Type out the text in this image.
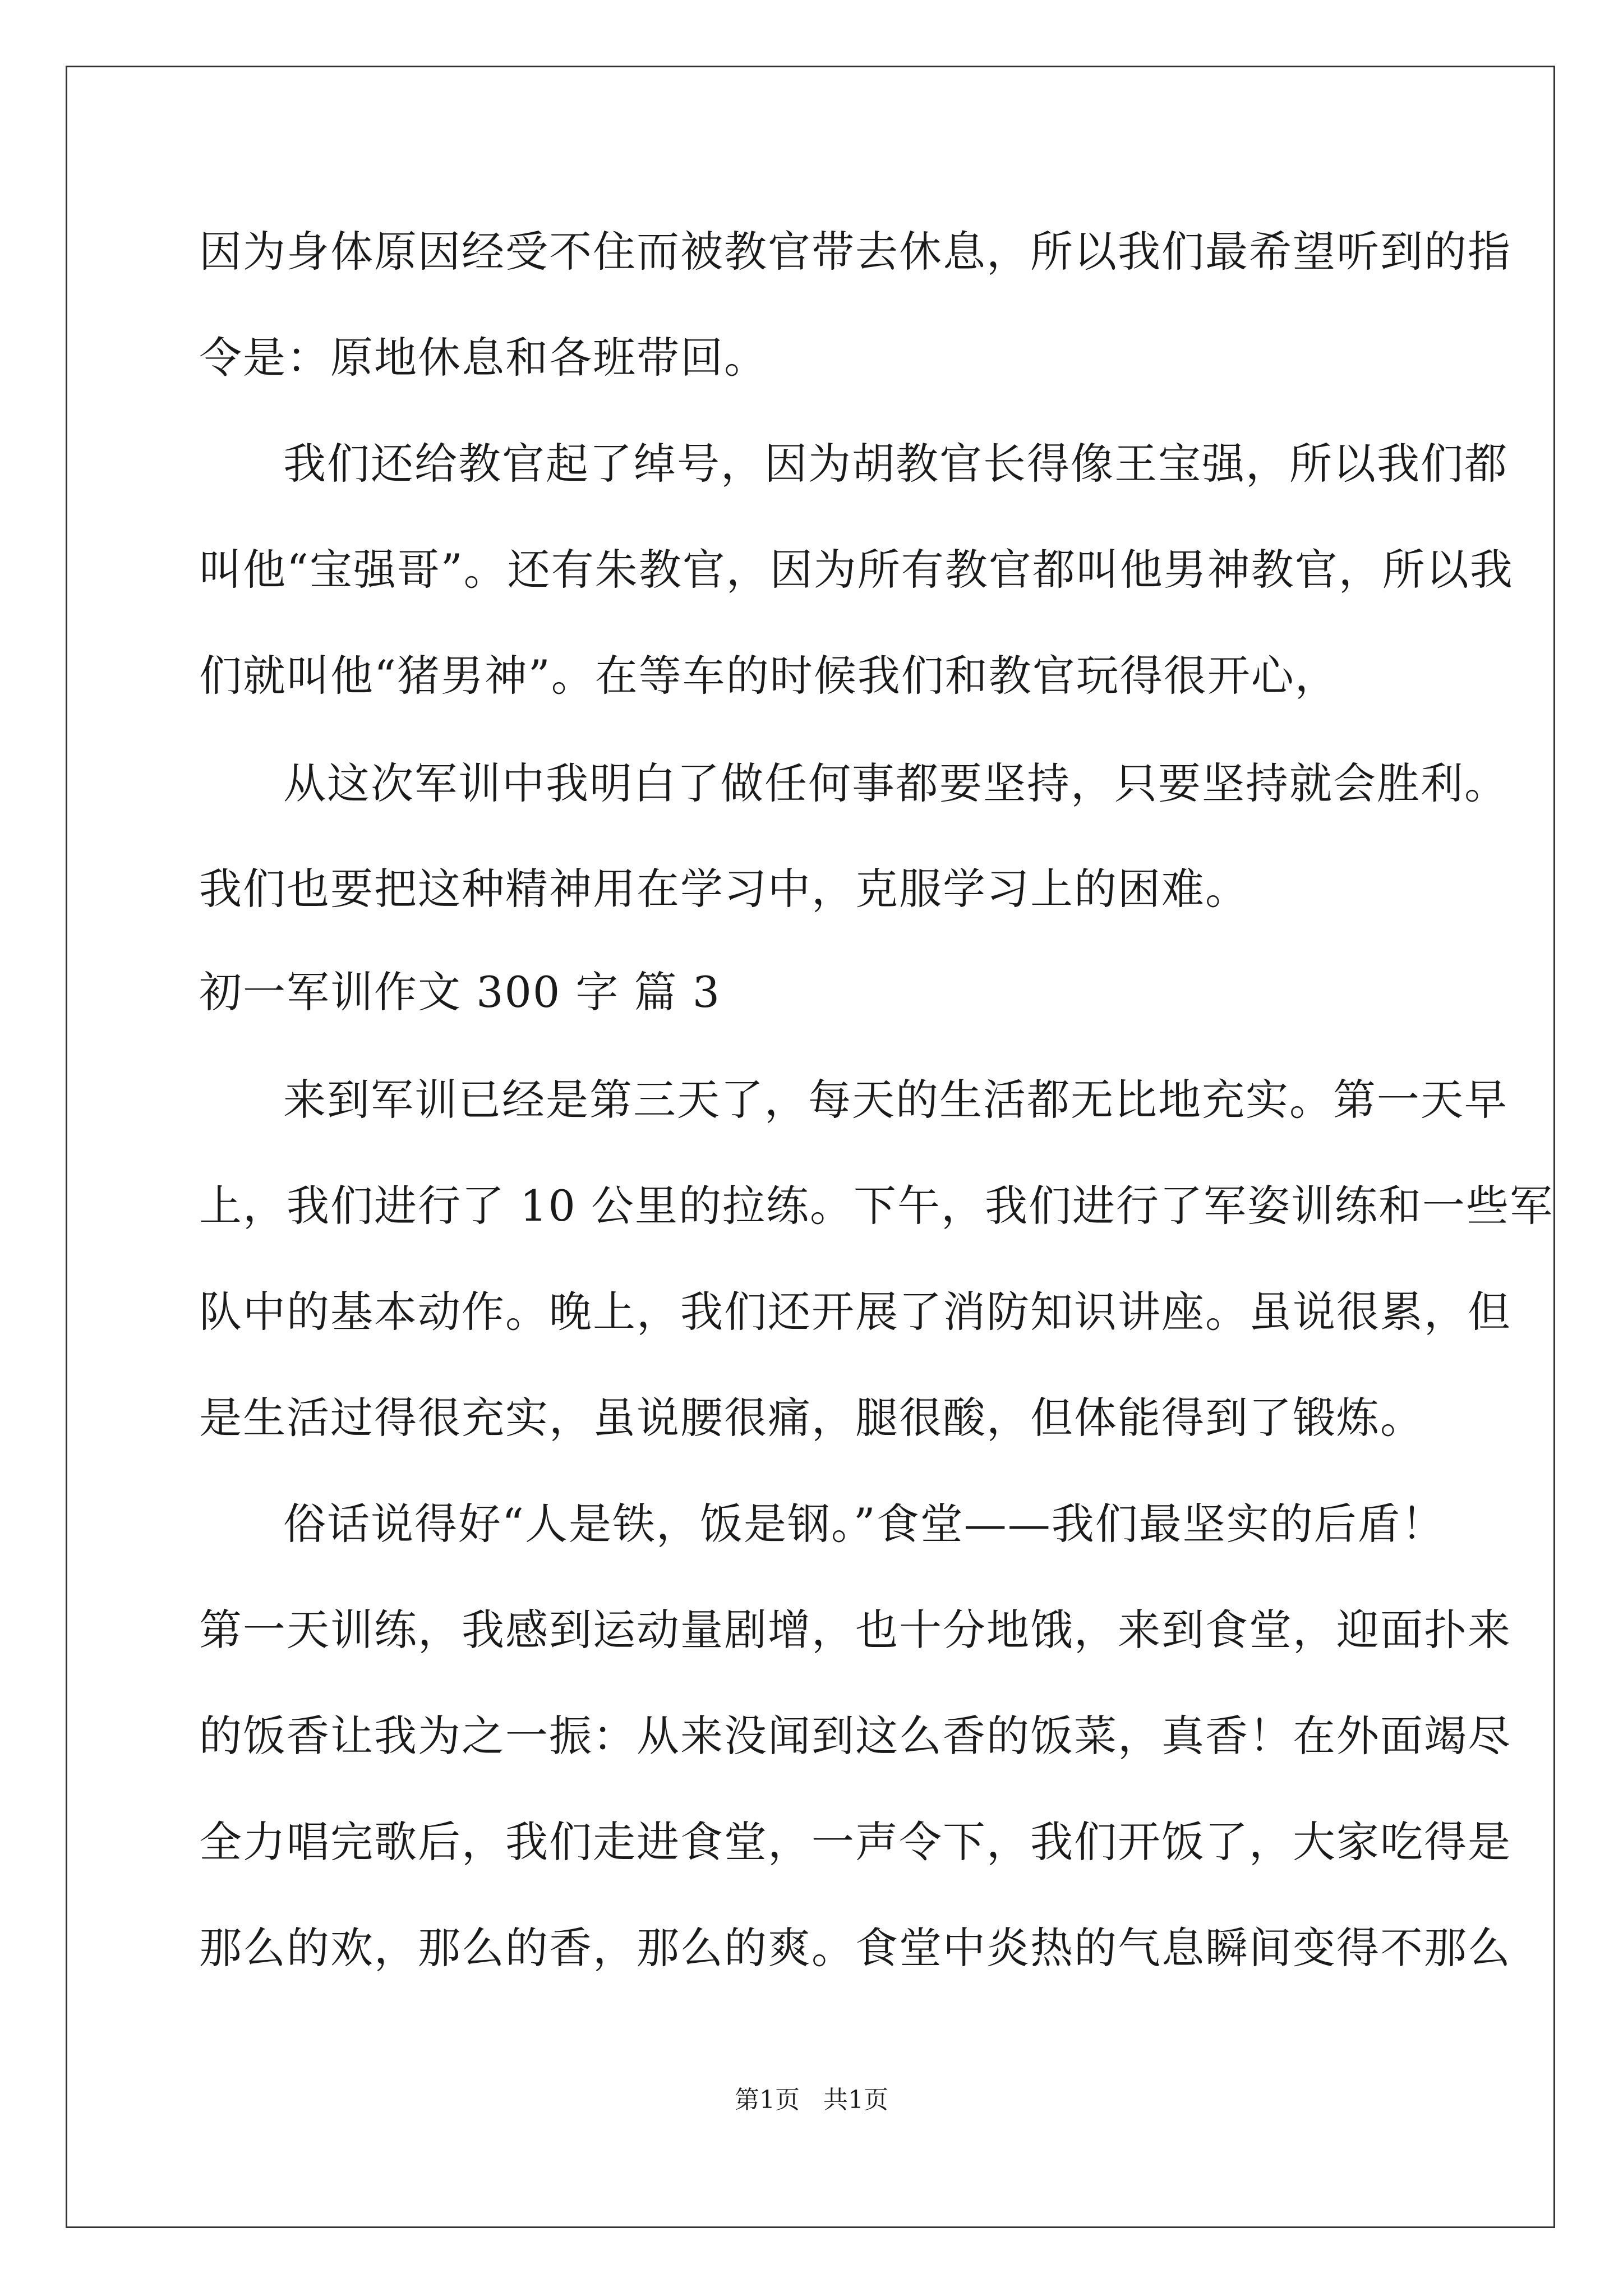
因为身体原因经受不住而被教官带去休息，所以我们最希望听到的指
令是：原地休息和各班带回。
我们还给教官起了绰号，因为胡教官长得像王宝强，所以我们都
叫他“宝强哥”。还有朱教官，因为所有教官都叫他男神教官，所以我
们就叫他“猪男神”。在等车的时候我们和教官玩得很开心，
从这次军训中我明白了做任何事都要坚持，只要坚持就会胜利。
我们也要把这种精神用在学习中，克服学习上的困难。
初一军训作文 300 字 篇 3
来到军训已经是第三天了，每天的生活都无比地充实。第一天早
上，我们进行了 10 公里的拉练。下午，我们进行了军姿训练和一些军
队中的基本动作。晚上，我们还开展了消防知识讲座。虽说很累，但
是生活过得很充实，虽说腰很痛，腿很酸，但体能得到了锻炼。
俗话说得好“人是铁，饭是钢。”食堂——我们最坚实的后盾！
第一天训练，我感到运动量剧增，也十分地饿，来到食堂，迎面扑来
的饭香让我为之一振：从来没闻到这么香的饭菜，真香！在外面竭尽
全力唱完歌后，我们走进食堂，一声令下，我们开饭了，大家吃得是
那么的欢，那么的香，那么的爽。食堂中炎热的气息瞬间变得不那么
第1页   共1页
